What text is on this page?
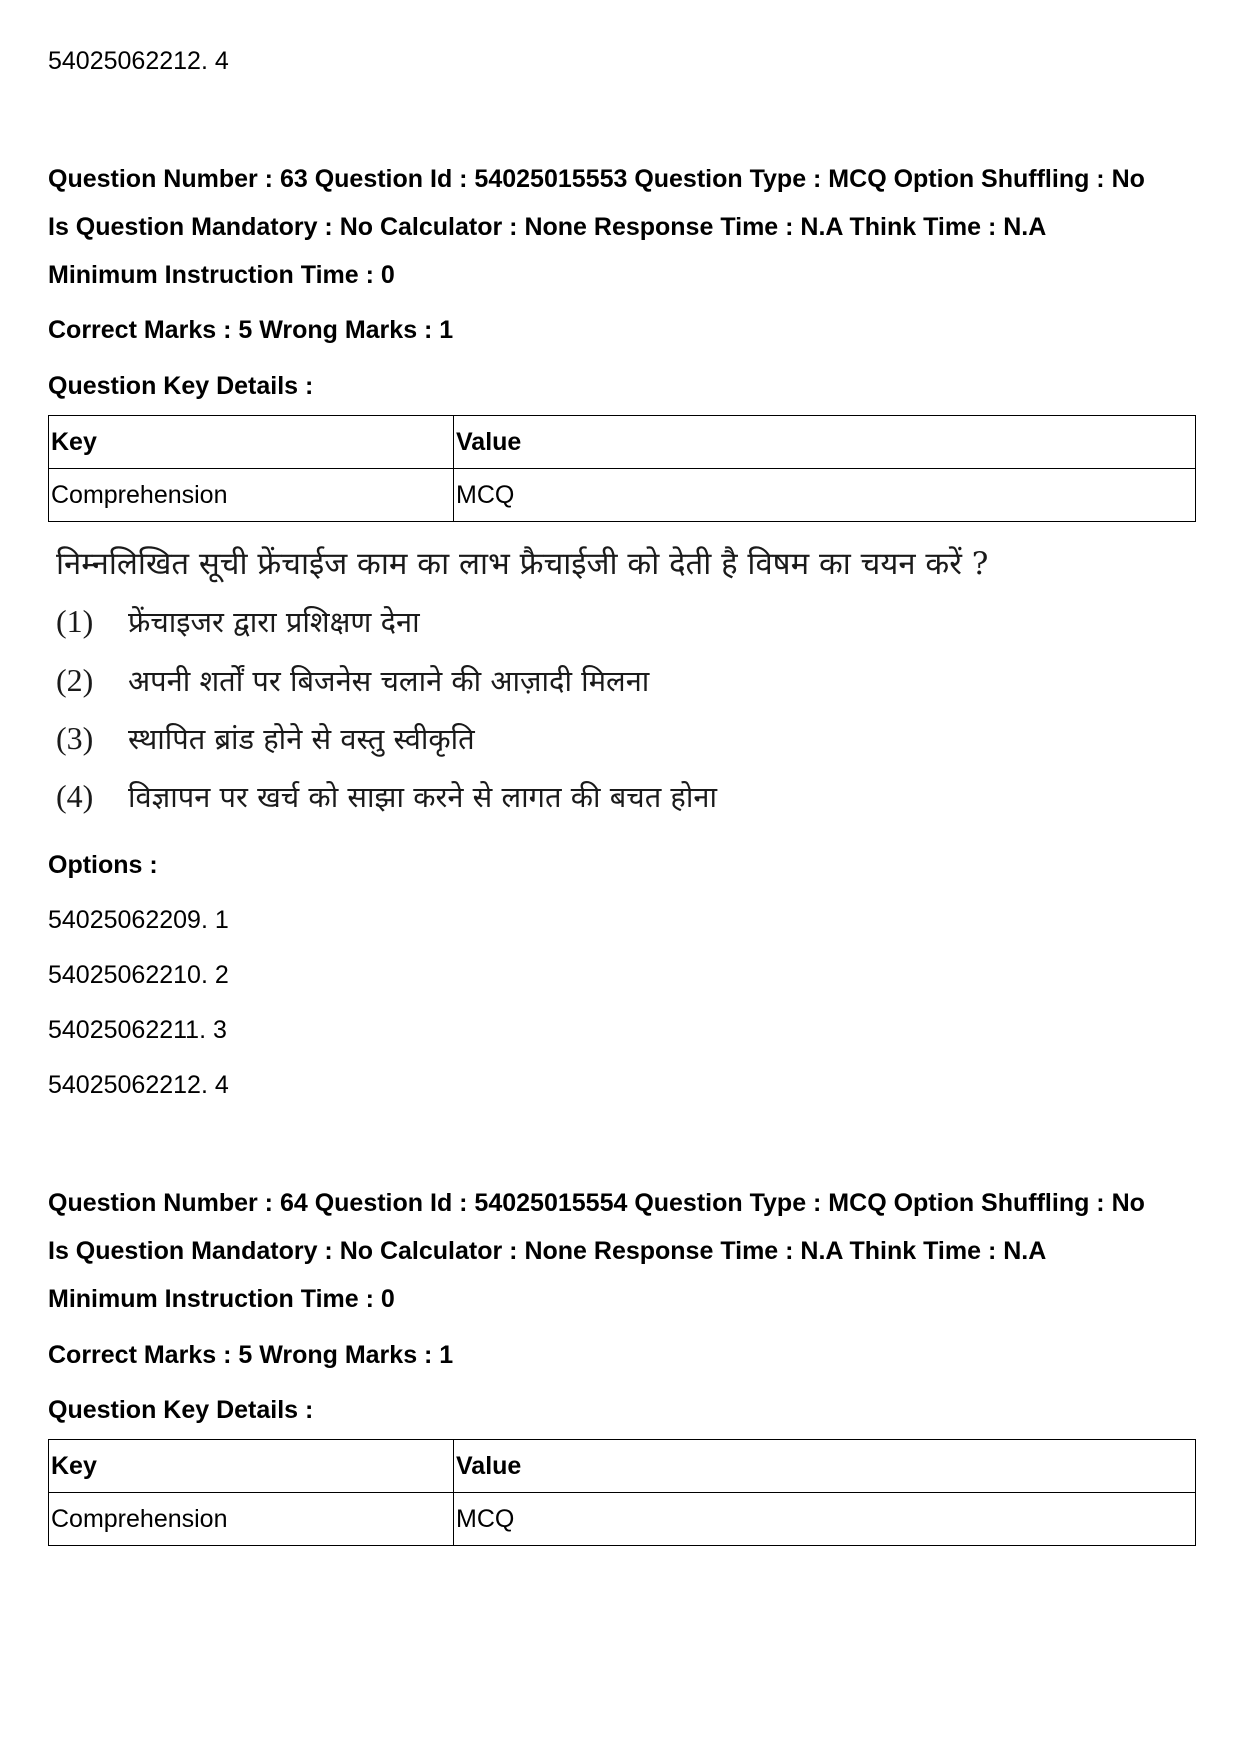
54025062212. 4
Question Number : 63 Question Id : 54025015553 Question Type : MCQ Option Shuffling : No
Is Question Mandatory : No Calculator : None Response Time : N.A Think Time : N.A
Minimum Instruction Time : 0
Correct Marks : 5 Wrong Marks : 1
Question Key Details :
Key	Value
Comprehension	MCQ
निम्नलिखित सूची फ्रेंचाईज काम का लाभ फ्रैचाईजी को देती है विषम का चयन करें ?
(1) फ्रेंचाइजर द्वारा प्रशिक्षण देना
(2) अपनी शर्तों पर बिजनेस चलाने की आज़ादी मिलना
(3) स्थापित ब्रांड होने से वस्तु स्वीकृति
(4) विज्ञापन पर खर्च को साझा करने से लागत की बचत होना
Options :
54025062209. 1
54025062210. 2
54025062211. 3
54025062212. 4
Question Number : 64 Question Id : 54025015554 Question Type : MCQ Option Shuffling : No
Is Question Mandatory : No Calculator : None Response Time : N.A Think Time : N.A
Minimum Instruction Time : 0
Correct Marks : 5 Wrong Marks : 1
Question Key Details :
Key	Value
Comprehension	MCQ
